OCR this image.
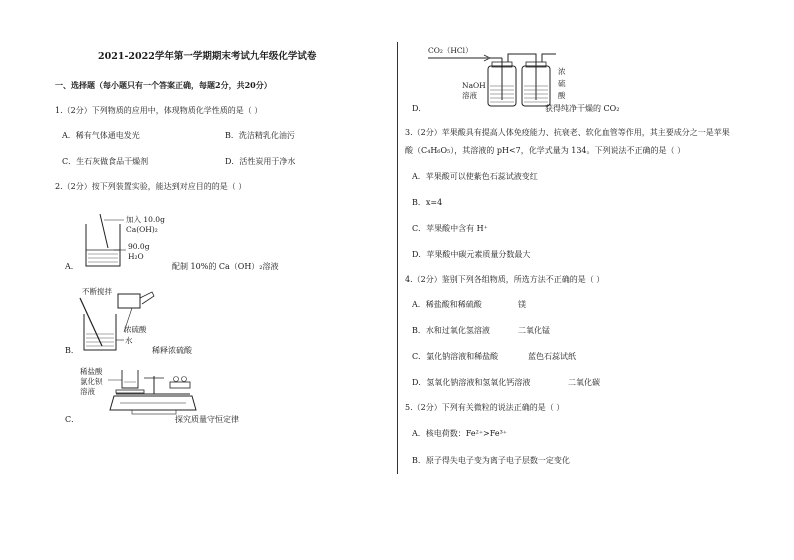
2021-2022学年第一学期期末考试九年级化学试卷
一、选择题（每小题只有一个答案正确，每题2分，共20分）
1.（2分）下列物质的应用中，体现物质化学性质的是（ ）
A．稀有气体通电发光	B．洗洁精乳化油污
C．生石灰做食品干燥剂	D．活性炭用于净水
2.（2分）按下列装置实验，能达到对应目的的是（ ）
加入 10.0g
Ca(OH)₂
90.0g
H₂O
A．	配制 10%的 Ca（OH）₂溶液
不断搅拌
浓硫酸
水
B．	稀释浓硫酸
稀盐酸
氯化钡
溶液
C．	探究质量守恒定律
CO₂（HCl）
NaOH
溶液
浓
硫
酸
D．	获得纯净干燥的 CO₂
3.（2分）苹果酸具有提高人体免疫能力、抗衰老、软化血管等作用，其主要成分之一是苹果
酸（C₄H₆O₅），其溶液的 pH<7，化学式量为 134。下列说法不正确的是（ ）
A．苹果酸可以使紫色石蕊试液变红
B．x=4
C．苹果酸中含有 H⁺
D．苹果酸中碳元素质量分数最大
4.（2分）鉴别下列各组物质，所选方法不正确的是（ ）
A．稀盐酸和稀硫酸	镁
B．水和过氧化氢溶液	二氧化锰
C．氯化钠溶液和稀盐酸	蓝色石蕊试纸
D．氢氧化钠溶液和氢氧化钙溶液	二氧化碳
5.（2分）下列有关微粒的说法正确的是（ ）
A．核电荷数：Fe²⁺>Fe³⁺
B．原子得失电子变为离子电子层数一定变化
